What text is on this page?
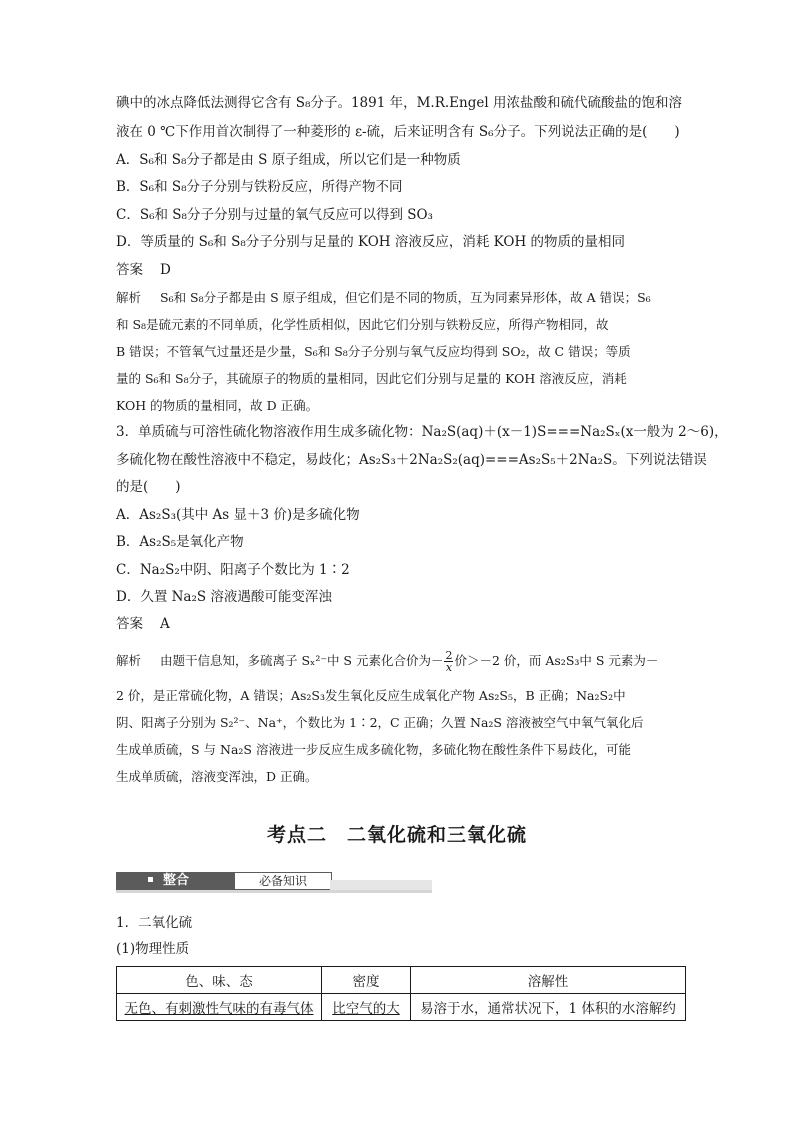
碘中的冰点降低法测得它含有 S₈分子。1891 年，M.R.Engel 用浓盐酸和硫代硫酸盐的饱和溶
液在 0 ℃下作用首次制得了一种菱形的 ε-硫，后来证明含有 S₆分子。下列说法正确的是(　　)
A．S₆和 S₈分子都是由 S 原子组成，所以它们是一种物质
B．S₆和 S₈分子分别与铁粉反应，所得产物不同
C．S₆和 S₈分子分别与过量的氧气反应可以得到 SO₃
D．等质量的 S₆和 S₈分子分别与足量的 KOH 溶液反应，消耗 KOH 的物质的量相同
答案 D
解析 S₆和 S₈分子都是由 S 原子组成，但它们是不同的物质，互为同素异形体，故 A 错误；S₆
和 S₈是硫元素的不同单质，化学性质相似，因此它们分别与铁粉反应，所得产物相同，故
B 错误；不管氧气过量还是少量，S₆和 S₈分子分别与氧气反应均得到 SO₂，故 C 错误；等质
量的 S₆和 S₈分子，其硫原子的物质的量相同，因此它们分别与足量的 KOH 溶液反应，消耗
KOH 的物质的量相同，故 D 正确。
3．单质硫与可溶性硫化物溶液作用生成多硫化物：Na₂S(aq)＋(x－1)S===Na₂Sₓ(x一般为 2～6)，
多硫化物在酸性溶液中不稳定，易歧化；As₂S₃＋2Na₂S₂(aq)===As₂S₅＋2Na₂S。下列说法错误
的是(　　)
A．As₂S₃(其中 As 显＋3 价)是多硫化物
B．As₂S₅是氧化产物
C．Na₂S₂中阴、阳离子个数比为 1∶2
D．久置 Na₂S 溶液遇酸可能变浑浊
答案 A
解析 由题干信息知，多硫离子 Sₓ²⁻中 S 元素化合价为－ $\frac{2}{x}$ 价＞－2 价，而 As₂S₃中 S 元素为－
2 价，是正常硫化物，A 错误；As₂S₃发生氧化反应生成氧化产物 As₂S₅，B 正确；Na₂S₂中
阴、阳离子分别为 S₂²⁻、Na⁺，个数比为 1∶2，C 正确；久置 Na₂S 溶液被空气中氧气氧化后
生成单质硫，S 与 Na₂S 溶液进一步反应生成多硫化物，多硫化物在酸性条件下易歧化，可能
生成单质硫，溶液变浑浊，D 正确。
考点二　二氧化硫和三氧化硫
整合	必备知识
1．二氧化硫
(1)物理性质
色、味、态	密度	溶解性
无色、有刺激性气味的有毒气体	比空气的大	易溶于水，通常状况下，1 体积的水溶解约
